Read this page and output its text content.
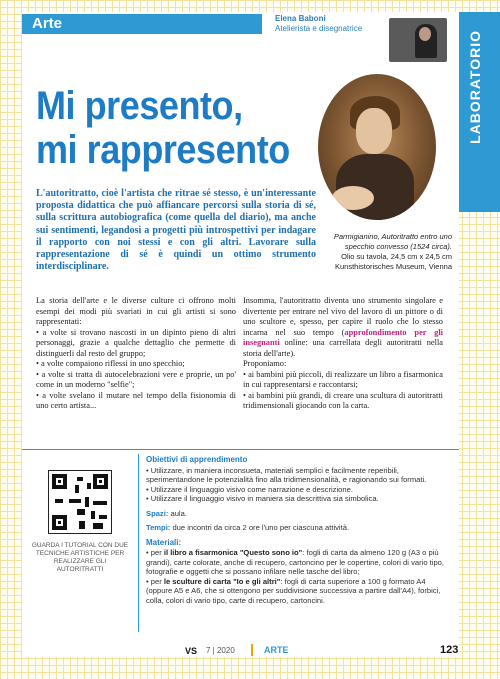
Arte
LABORATORIO
Elena Baboni
Atelierista e disegnatrice
Mi presento,
mi rappresento
Parmigianino, Autoritratto entro uno specchio convesso (1524 circa).
Olio su tavola, 24,5 cm x 24,5 cm
Kunsthistorisches Museum, Vienna
L'autoritratto, cioè l'artista che ritrae sé stesso, è un'interessante proposta didattica che può affiancare percorsi sulla storia di sé, sulla scrittura autobiografica (come quella del diario), ma anche sui sentimenti, legandosi a progetti più introspettivi per indagare il rapporto con noi stessi e con gli altri. Lavorare sulla rappresentazione di sé è quindi un ottimo strumento interdisciplinare.

La storia dell'arte e le diverse culture ci offrono molti esempi dei modi più svariati in cui gli artisti si sono rappresentati:

• a volte si trovano nascosti in un dipinto pieno di altri personaggi, grazie a qualche dettaglio che permette di distinguerli dal resto del gruppo;

• a volte compaiono riflessi in uno specchio;

• a volte si tratta di autocelebrazioni vere e proprie, un po' come in un moderno "selfie";

• a volte svelano il mutare nel tempo della fisionomia di uno certo artista...

Insomma, l'autoritratto diventa uno strumento singolare e divertente per entrare nel vivo del lavoro di un pittore o di uno scultore e, spesso, per capire il ruolo che lo stesso incarna nel suo tempo (approfondimento per gli insegnanti online: una carrellata degli autoritratti nella storia dell'arte).

Proponiamo:

• ai bambini più piccoli, di realizzare un libro a fisarmonica in cui rappresentarsi e raccontarsi;

• ai bambini più grandi, di creare una scultura di autoritratti tridimensionali giocando con la carta.

GUARDA I TUTORIAL CON DUE TECNICHE ARTISTICHE PER REALIZZARE GLI AUTORITRATTI
Obiettivi di apprendimento

• Utilizzare, in maniera inconsueta, materiali semplici e facilmente reperibili, sperimentandone le potenzialità fino alla tridimensionalità, e ragionando sui formati.

• Utilizzare il linguaggio visivo come narrazione e descrizione.

• Utilizzare il linguaggio visivo in maniera sia descrittiva sia simbolica.

Spazi: aula.

Tempi: due incontri da circa 2 ore l'uno per ciascuna attività.

Materiali:

• per il libro a fisarmonica "Questo sono io": fogli di carta da almeno 120 g (A3 o più grandi), carte colorate, anche di recupero, cartoncino per le copertine, colori di vario tipo, fotografie e oggetti che si possano infilare nelle tasche del libro;

• per le sculture di carta "Io e gli altri": fogli di carta superiore a 100 g formato A4 (oppure A5 e A6, che si ottengono per suddivisione successiva a partire dall'A4), forbici, colla, colori di vario tipo, carte di recupero, cartoncini.

VS 7 | 2020	ARTE	123
